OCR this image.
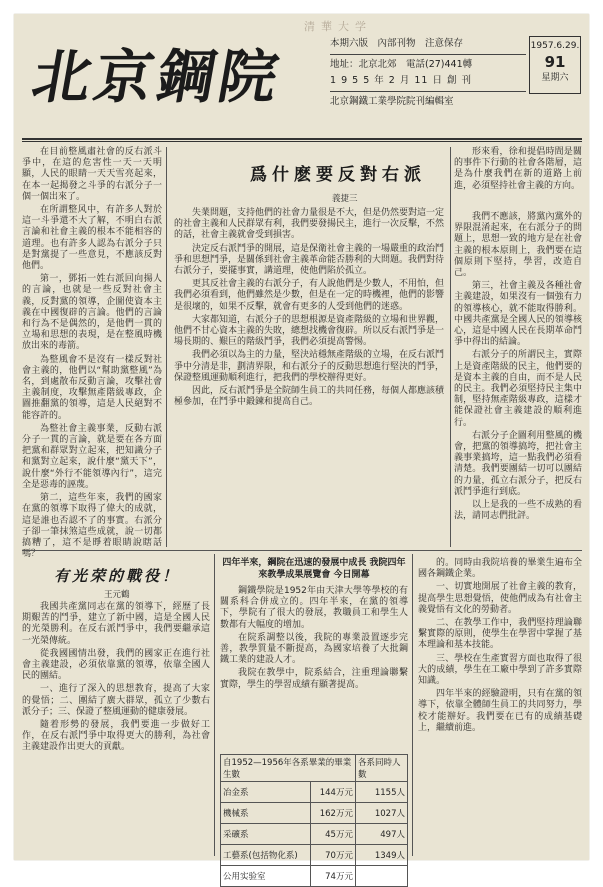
北京鋼院
清華大学
本期六版　內部刊物　注意保存
地址：北京北郊　電話(27)441轉
1 9 5 5 年 2 月 11 日 創 刊
北京鋼鐵工業學院院刊編輯室
1957.6.29.
91
星期六

在目前整風肅社會的反右派斗爭中，在這的危害性一天一天明顯，人民的眼睛一天天雪亮起來，在本一起揭發之斗爭的右派分子一個一個出來了。

在所謂整风中，有許多人對於這一斗爭還不大了解，不明白右派言論和社會主義的根本不能相容的道理。也有許多人認為右派分子只是對黨提了一些意見，不應該反對他們。

第一，鄧拓一姓右派回向揚人的言論，也就是一些反對社會主義，反對黨的領導，企圖使資本主義在中國復辟的言論。他們的言論和行為不是偶然的，是他們一貫的立場和思想的表現，是在整風時機放出來的毒箭。

為整風會不是沒有一樣反對社會主義的，他們以“幫助黨整風”為名，到處散布反動言論，攻擊社會主義制度，攻擊無產階級專政，企圖推翻黨的領導，這是人民絕對不能容許的。

為整社會主義事業，反動右派分子一貫的言論，就是要在各方面把黨和群眾對立起來，把知識分子和黨對立起來，說什麼“黨天下”，說什麼“外行不能領導內行”，這完全是惡毒的誣蔑。

第二，這些年來，我們的國家在黨的領導下取得了偉大的成就，這是誰也否認不了的事實。右派分子卻一筆抹煞這些成就，說一切都搞糟了，這不是睜着眼睛說瞎話嗎？

爲什麽要反對右派
義捷三

形來看，徐和提倡時間是關的事件下行動的社會各階層，這是為什麼我們在新的道路上前進，必須堅持社會主義的方向。

失業問題，支持他們的社會力量很是不大，但是仍然要對這一定的社會主義和人民群眾有利，我們要發揚民主，進行一次反擊，不然的話，社會主義就會受到損害。

決定反右派鬥爭的開展，這是保衛社會主義的一場嚴重的政治鬥爭和思想鬥爭，是關係到社會主義革命能否勝利的大問題。我們對待右派分子，要擺事實，講道理，使他們陷於孤立。

更其反社會主義的右派分子，有人說他們是少數人，不用怕，但我們必須看到，他們雖然是少數，但是在一定的時機裡，他們的影響是很壞的，如果不反擊，就會有更多的人受到他們的迷惑。

大家都知道，右派分子的思想根源是資產階級的立場和世界觀，他們不甘心資本主義的失敗，總想找機會復辟。所以反右派鬥爭是一場長期的、艱巨的階級鬥爭，我們必須提高警惕。

我們必須以為主的力量，堅決站穩無產階級的立場，在反右派鬥爭中分清是非，劃清界限，和右派分子的反動思想進行堅決的鬥爭，保證整風運動順利進行，把我們的學校辦得更好。

因此，反右派鬥爭是全院師生員工的共同任務，每個人都應該積極參加，在鬥爭中鍛鍊和提高自己。

我們不應該，將黨內黨外的界限混淆起來，在右派分子的問題上，思想一致的地方是在社會主義的根本原則上，我們要在這個原則下堅持，學習，改造自己。

第三，社會主義及各種社會主義建設，如果沒有一個強有力的領導核心，就不能取得勝利。中國共產黨是全國人民的領導核心，這是中國人民在長期革命鬥爭中得出的結論。

右派分子的所謂民主，實際上是資產階級的民主，他們要的是資本主義的自由，而不是人民的民主。我們必須堅持民主集中制，堅持無產階級專政，這樣才能保證社會主義建設的順利進行。

右派分子企圖利用整風的機會，把黨的領導搞垮，把社會主義事業搞垮，這一點我們必須看清楚。我們要團結一切可以團結的力量，孤立右派分子，把反右派鬥爭進行到底。

以上是我的一些不成熟的看法，請同志們批評。

有光荣的戰役！
王元鶴

我國共產黨同志在黨的領導下，經歷了長期艱苦的鬥爭，建立了新中國，這是全國人民的光榮勝利。在反右派鬥爭中，我們要繼承這一光榮傳統。

從我國國情出發，我們的國家正在進行社會主義建設，必須依靠黨的領導，依靠全國人民的團結。

一、進行了深入的思想教育，提高了大家的覺悟；二、團結了廣大群眾，孤立了少數右派分子；三、保證了整風運動的健康發展。

隨着形勢的發展，我們要進一步做好工作，在反右派鬥爭中取得更大的勝利，為社會主義建設作出更大的貢獻。

四年半來，鋼院在迅速的發展中成長 我院四年來教學成果展覽會 今日開幕

鋼鐵學院是1952年由天津大學等學校的有關系科合併成立的。四年半來，在黨的領導下，學院有了很大的發展，教職員工和學生人數都有大幅度的增加。

在院系調整以後，我院的專業設置逐步完善，教學質量不斷提高，為國家培養了大批鋼鐵工業的建設人才。

我院在教學中，院系結合，注重理論聯繫實際，學生的學習成績有顯著提高。

自1952—1956年各系畢業的畢業生數		各系同時人數
冶金系	144万元	1155人
機械系	162万元	1027人
采礦系	45万元	497人
工藝系(包括物化系)	70万元	1349人
公用实验室	74万元	

的。同時由我院培養的畢業生遍布全國各鋼鐵企業。

一、切實地開展了社會主義的教育，提高學生思想覺悟，使他們成為有社會主義覺悟有文化的勞動者。

二、在教學工作中，我們堅持理論聯繫實際的原則，使學生在學習中掌握了基本理論和基本技能。

三、學校在生產實習方面也取得了很大的成績，學生在工廠中學到了許多實際知識。

四年半來的經驗證明，只有在黨的領導下，依靠全體師生員工的共同努力，學校才能辦好。我們要在已有的成績基礎上，繼續前進。
